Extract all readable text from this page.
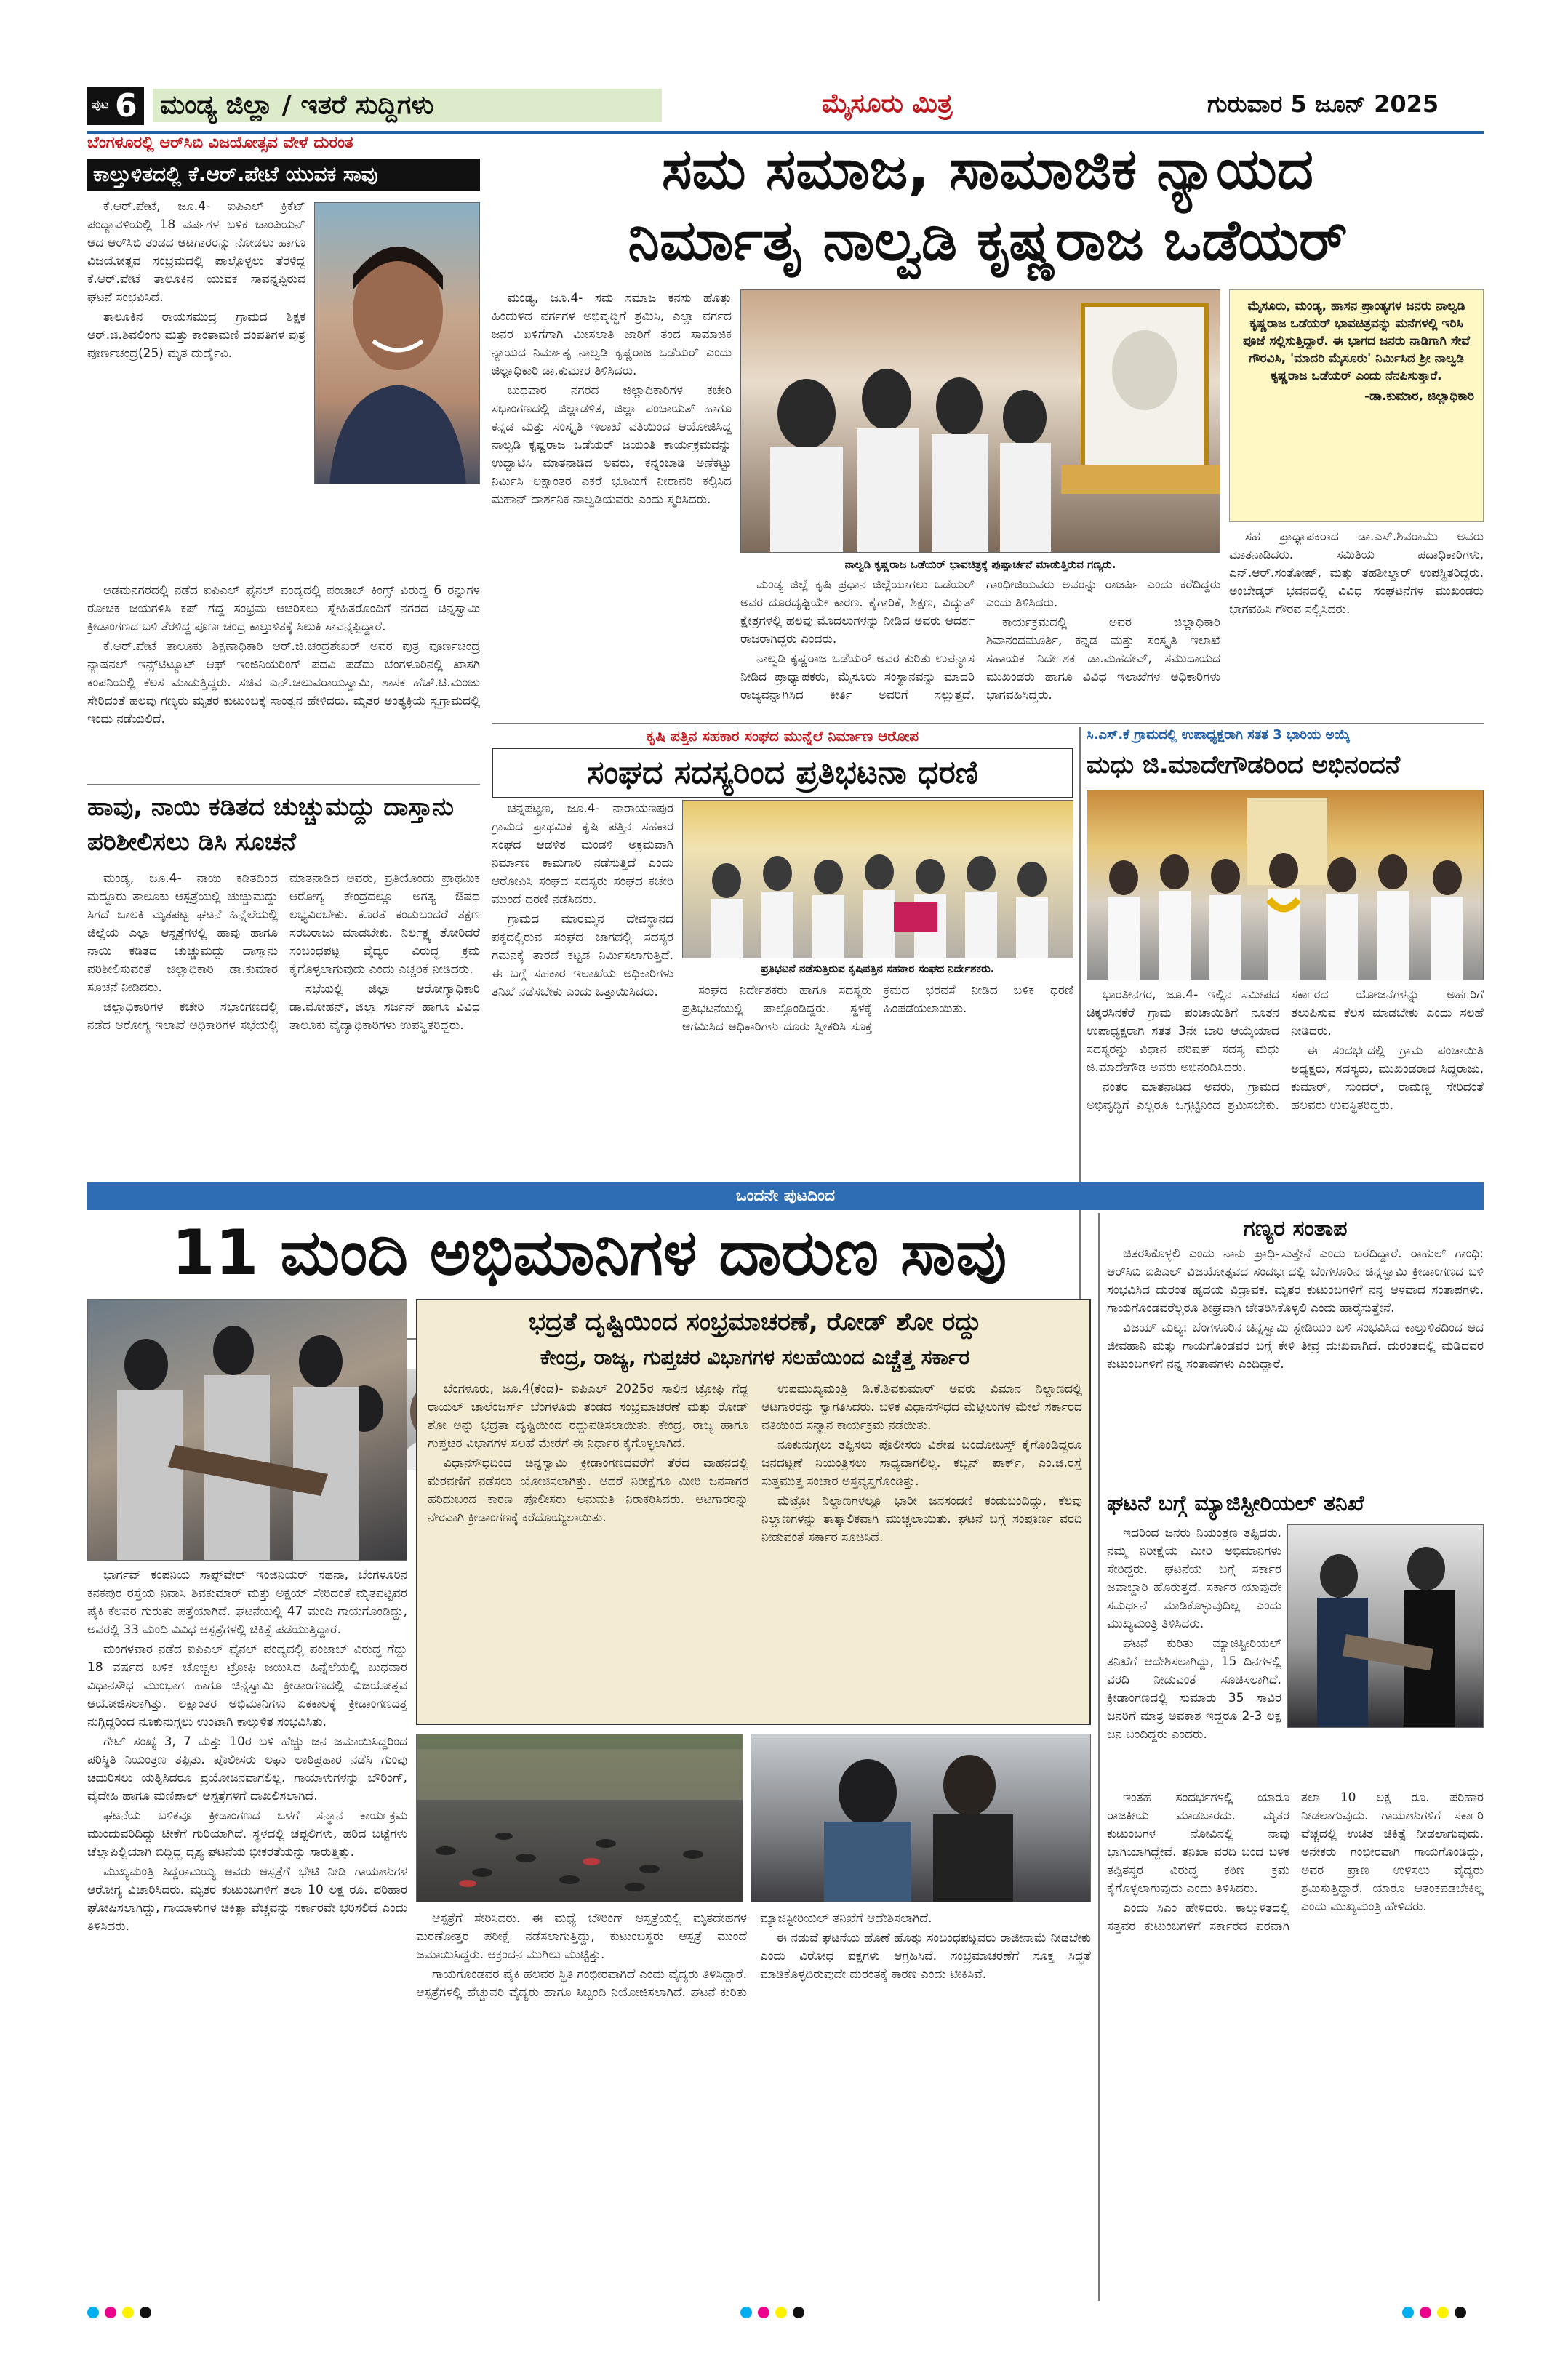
ಪುಟ 6 ಮಂಡ್ಯ ಜಿಲ್ಲಾ / ಇತರೆ ಸುದ್ದಿಗಳು	ಮೈಸೂರು ಮಿತ್ರ	ಗುರುವಾರ 5 ಜೂನ್ 2025
ಬೆಂಗಳೂರಲ್ಲಿ ಆರ್‌ಸಿಬಿ ವಿಜಯೋತ್ಸವ ವೇಳೆ ದುರಂತ
ಕಾಲ್ತುಳಿತದಲ್ಲಿ ಕೆ.ಆರ್.ಪೇಟೆ ಯುವಕ ಸಾವು

ಕೆ.ಆರ್.ಪೇಟೆ, ಜೂ.4- ಐಪಿಎಲ್ ಕ್ರಿಕೆಟ್ ಪಂದ್ಯಾವಳಿಯಲ್ಲಿ 18 ವರ್ಷಗಳ ಬಳಿಕ ಚಾಂಪಿಯನ್ ಆದ ಆರ್‌ಸಿಬಿ ತಂಡದ ಆಟಗಾರರನ್ನು ನೋಡಲು ಹಾಗೂ ವಿಜಯೋತ್ಸವ ಸಂಭ್ರಮದಲ್ಲಿ ಪಾಲ್ಗೊಳ್ಳಲು ತೆರಳಿದ್ದ ಕೆ.ಆರ್.ಪೇಟೆ ತಾಲೂಕಿನ ಯುವಕ ಸಾವನ್ನಪ್ಪಿರುವ ಘಟನೆ ಸಂಭವಿಸಿದೆ.

ತಾಲೂಕಿನ ರಾಯಸಮುದ್ರ ಗ್ರಾಮದ ಶಿಕ್ಷಕ ಆರ್.ಜಿ.ಶಿವಲಿಂಗು ಮತ್ತು ಕಾಂತಾಮಣಿ ದಂಪತಿಗಳ ಪುತ್ರ ಪೂರ್ಣಚಂದ್ರ(25) ಮೃತ ದುರ್ದೈವಿ.

ಆಡಮನಗರದಲ್ಲಿ ನಡೆದ ಐಪಿಎಲ್ ಫೈನಲ್ ಪಂದ್ಯದಲ್ಲಿ ಪಂಜಾಬ್ ಕಿಂಗ್ಸ್ ವಿರುದ್ಧ 6 ರನ್ನುಗಳ ರೋಚಕ ಜಯಗಳಿಸಿ ಕಪ್ ಗೆದ್ದ ಸಂಭ್ರಮ ಆಚರಿಸಲು ಸ್ನೇಹಿತರೊಂದಿಗೆ ನಗರದ ಚಿನ್ನಸ್ವಾಮಿ ಕ್ರೀಡಾಂಗಣದ ಬಳಿ ತೆರಳಿದ್ದ ಪೂರ್ಣಚಂದ್ರ ಕಾಲ್ತುಳಿತಕ್ಕೆ ಸಿಲುಕಿ ಸಾವನ್ನಪ್ಪಿದ್ದಾರೆ.

ಕೆ.ಆರ್.ಪೇಟೆ ತಾಲೂಕು ಶಿಕ್ಷಣಾಧಿಕಾರಿ ಆರ್.ಜಿ.ಚಂದ್ರಶೇಖರ್ ಅವರ ಪುತ್ರ ಪೂರ್ಣಚಂದ್ರ ನ್ಯಾಷನಲ್ ಇನ್ಸ್‌ಟಿಟ್ಯೂಟ್ ಆಫ್ ಇಂಜಿನಿಯರಿಂಗ್ ಪದವಿ ಪಡೆದು ಬೆಂಗಳೂರಿನಲ್ಲಿ ಖಾಸಗಿ ಕಂಪನಿಯಲ್ಲಿ ಕೆಲಸ ಮಾಡುತ್ತಿದ್ದರು. ಸಚಿವ ಎನ್.ಚಲುವರಾಯಸ್ವಾಮಿ, ಶಾಸಕ ಹೆಚ್.ಟಿ.ಮಂಜು ಸೇರಿದಂತೆ ಹಲವು ಗಣ್ಯರು ಮೃತರ ಕುಟುಂಬಕ್ಕೆ ಸಾಂತ್ವನ ಹೇಳಿದರು. ಮೃತರ ಅಂತ್ಯಕ್ರಿಯೆ ಸ್ವಗ್ರಾಮದಲ್ಲಿ ಇಂದು ನಡೆಯಲಿದೆ.

ಹಾವು, ನಾಯಿ ಕಡಿತದ ಚುಚ್ಚುಮದ್ದು ದಾಸ್ತಾನು ಪರಿಶೀಲಿಸಲು ಡಿಸಿ ಸೂಚನೆ

ಮಂಡ್ಯ, ಜೂ.4- ನಾಯಿ ಕಡಿತದಿಂದ ಮದ್ದೂರು ತಾಲೂಕು ಆಸ್ಪತ್ರೆಯಲ್ಲಿ ಚುಚ್ಚುಮದ್ದು ಸಿಗದೆ ಬಾಲಕಿ ಮೃತಪಟ್ಟ ಘಟನೆ ಹಿನ್ನೆಲೆಯಲ್ಲಿ ಜಿಲ್ಲೆಯ ಎಲ್ಲಾ ಆಸ್ಪತ್ರೆಗಳಲ್ಲಿ ಹಾವು ಹಾಗೂ ನಾಯಿ ಕಡಿತದ ಚುಚ್ಚುಮದ್ದು ದಾಸ್ತಾನು ಪರಿಶೀಲಿಸುವಂತೆ ಜಿಲ್ಲಾಧಿಕಾರಿ ಡಾ.ಕುಮಾರ ಸೂಚನೆ ನೀಡಿದರು.

ಜಿಲ್ಲಾಧಿಕಾರಿಗಳ ಕಚೇರಿ ಸಭಾಂಗಣದಲ್ಲಿ ನಡೆದ ಆರೋಗ್ಯ ಇಲಾಖೆ ಅಧಿಕಾರಿಗಳ ಸಭೆಯಲ್ಲಿ ಮಾತನಾಡಿದ ಅವರು, ಪ್ರತಿಯೊಂದು ಪ್ರಾಥಮಿಕ ಆರೋಗ್ಯ ಕೇಂದ್ರದಲ್ಲೂ ಅಗತ್ಯ ಔಷಧ ಲಭ್ಯವಿರಬೇಕು. ಕೊರತೆ ಕಂಡುಬಂದರೆ ತಕ್ಷಣ ಸರಬರಾಜು ಮಾಡಬೇಕು. ನಿರ್ಲಕ್ಷ್ಯ ತೋರಿದರೆ ಸಂಬಂಧಪಟ್ಟ ವೈದ್ಯರ ವಿರುದ್ಧ ಕ್ರಮ ಕೈಗೊಳ್ಳಲಾಗುವುದು ಎಂದು ಎಚ್ಚರಿಕೆ ನೀಡಿದರು.

ಸಭೆಯಲ್ಲಿ ಜಿಲ್ಲಾ ಆರೋಗ್ಯಾಧಿಕಾರಿ ಡಾ.ಮೋಹನ್, ಜಿಲ್ಲಾ ಸರ್ಜನ್ ಹಾಗೂ ವಿವಿಧ ತಾಲೂಕು ವೈದ್ಯಾಧಿಕಾರಿಗಳು ಉಪಸ್ಥಿತರಿದ್ದರು.

ಸಮ ಸಮಾಜ, ಸಾಮಾಜಿಕ ನ್ಯಾಯದ
ನಿರ್ಮಾತೃ ನಾಲ್ವಡಿ ಕೃಷ್ಣರಾಜ ಒಡೆಯರ್

ಮಂಡ್ಯ, ಜೂ.4- ಸಮ ಸಮಾಜ ಕನಸು ಹೊತ್ತು ಹಿಂದುಳಿದ ವರ್ಗಗಳ ಅಭಿವೃದ್ಧಿಗೆ ಶ್ರಮಿಸಿ, ಎಲ್ಲಾ ವರ್ಗದ ಜನರ ಏಳಿಗೆಗಾಗಿ ಮೀಸಲಾತಿ ಜಾರಿಗೆ ತಂದ ಸಾಮಾಜಿಕ ನ್ಯಾಯದ ನಿರ್ಮಾತೃ ನಾಲ್ವಡಿ ಕೃಷ್ಣರಾಜ ಒಡೆಯರ್ ಎಂದು ಜಿಲ್ಲಾಧಿಕಾರಿ ಡಾ.ಕುಮಾರ ತಿಳಿಸಿದರು.

ಬುಧವಾರ ನಗರದ ಜಿಲ್ಲಾಧಿಕಾರಿಗಳ ಕಚೇರಿ ಸಭಾಂಗಣದಲ್ಲಿ ಜಿಲ್ಲಾಡಳಿತ, ಜಿಲ್ಲಾ ಪಂಚಾಯತ್ ಹಾಗೂ ಕನ್ನಡ ಮತ್ತು ಸಂಸ್ಕೃತಿ ಇಲಾಖೆ ವತಿಯಿಂದ ಆಯೋಜಿಸಿದ್ದ ನಾಲ್ವಡಿ ಕೃಷ್ಣರಾಜ ಒಡೆಯರ್ ಜಯಂತಿ ಕಾರ್ಯಕ್ರಮವನ್ನು ಉದ್ಘಾಟಿಸಿ ಮಾತನಾಡಿದ ಅವರು, ಕನ್ನಂಬಾಡಿ ಅಣೆಕಟ್ಟು ನಿರ್ಮಿಸಿ ಲಕ್ಷಾಂತರ ಎಕರೆ ಭೂಮಿಗೆ ನೀರಾವರಿ ಕಲ್ಪಿಸಿದ ಮಹಾನ್ ದಾರ್ಶನಿಕ ನಾಲ್ವಡಿಯವರು ಎಂದು ಸ್ಮರಿಸಿದರು.

ನಾಲ್ವಡಿ ಕೃಷ್ಣರಾಜ ಒಡೆಯರ್ ಭಾವಚಿತ್ರಕ್ಕೆ ಪುಷ್ಪಾರ್ಚನೆ ಮಾಡುತ್ತಿರುವ ಗಣ್ಯರು.
ಮೈಸೂರು, ಮಂಡ್ಯ, ಹಾಸನ ಪ್ರಾಂತ್ಯಗಳ ಜನರು ನಾಲ್ವಡಿ ಕೃಷ್ಣರಾಜ ಒಡೆಯರ್ ಭಾವಚಿತ್ರವನ್ನು ಮನೆಗಳಲ್ಲಿ ಇರಿಸಿ ಪೂಜೆ ಸಲ್ಲಿಸುತ್ತಿದ್ದಾರೆ. ಈ ಭಾಗದ ಜನರು ನಾಡಿಗಾಗಿ ಸೇವೆ ಗೌರವಿಸಿ, 'ಮಾದರಿ ಮೈಸೂರು' ನಿರ್ಮಿಸಿದ ಶ್ರೀ ನಾಲ್ವಡಿ ಕೃಷ್ಣರಾಜ ಒಡೆಯರ್ ಎಂದು ನೆನಪಿಸುತ್ತಾರೆ.
-ಡಾ.ಕುಮಾರ, ಜಿಲ್ಲಾಧಿಕಾರಿ

ಸಹ ಪ್ರಾಧ್ಯಾಪಕರಾದ ಡಾ.ಎಸ್.ಶಿವರಾಮು ಅವರು ಮಾತನಾಡಿದರು. ಸಮಿತಿಯ ಪದಾಧಿಕಾರಿಗಳು, ಎನ್.ಆರ್.ಸಂತೋಷ್, ಮತ್ತು ತಹಶೀಲ್ದಾರ್ ಉಪಸ್ಥಿತರಿದ್ದರು. ಅಂಬೇಡ್ಕರ್ ಭವನದಲ್ಲಿ ವಿವಿಧ ಸಂಘಟನೆಗಳ ಮುಖಂಡರು ಭಾಗವಹಿಸಿ ಗೌರವ ಸಲ್ಲಿಸಿದರು.

ಮಂಡ್ಯ ಜಿಲ್ಲೆ ಕೃಷಿ ಪ್ರಧಾನ ಜಿಲ್ಲೆಯಾಗಲು ಒಡೆಯರ್ ಅವರ ದೂರದೃಷ್ಟಿಯೇ ಕಾರಣ. ಕೈಗಾರಿಕೆ, ಶಿಕ್ಷಣ, ವಿದ್ಯುತ್ ಕ್ಷೇತ್ರಗಳಲ್ಲಿ ಹಲವು ಮೊದಲುಗಳನ್ನು ನೀಡಿದ ಅವರು ಆದರ್ಶ ರಾಜರಾಗಿದ್ದರು ಎಂದರು.

ನಾಲ್ವಡಿ ಕೃಷ್ಣರಾಜ ಒಡೆಯರ್ ಅವರ ಕುರಿತು ಉಪನ್ಯಾಸ ನೀಡಿದ ಪ್ರಾಧ್ಯಾಪಕರು, ಮೈಸೂರು ಸಂಸ್ಥಾನವನ್ನು ಮಾದರಿ ರಾಜ್ಯವನ್ನಾಗಿಸಿದ ಕೀರ್ತಿ ಅವರಿಗೆ ಸಲ್ಲುತ್ತದೆ. ಗಾಂಧೀಜಿಯವರು ಅವರನ್ನು ರಾಜರ್ಷಿ ಎಂದು ಕರೆದಿದ್ದರು ಎಂದು ತಿಳಿಸಿದರು.

ಕಾರ್ಯಕ್ರಮದಲ್ಲಿ ಅಪರ ಜಿಲ್ಲಾಧಿಕಾರಿ ಶಿವಾನಂದಮೂರ್ತಿ, ಕನ್ನಡ ಮತ್ತು ಸಂಸ್ಕೃತಿ ಇಲಾಖೆ ಸಹಾಯಕ ನಿರ್ದೇಶಕ ಡಾ.ಮಹದೇವ್, ಸಮುದಾಯದ ಮುಖಂಡರು ಹಾಗೂ ವಿವಿಧ ಇಲಾಖೆಗಳ ಅಧಿಕಾರಿಗಳು ಭಾಗವಹಿಸಿದ್ದರು.

ಕೃಷಿ ಪತ್ತಿನ ಸಹಕಾರ ಸಂಘದ ಮುನ್ನೆಲೆ ನಿರ್ಮಾಣ ಆರೋಪ
ಸಂಘದ ಸದಸ್ಯರಿಂದ ಪ್ರತಿಭಟನಾ ಧರಣಿ

ಚನ್ನಪಟ್ಟಣ, ಜೂ.4- ನಾರಾಯಣಪುರ ಗ್ರಾಮದ ಪ್ರಾಥಮಿಕ ಕೃಷಿ ಪತ್ತಿನ ಸಹಕಾರ ಸಂಘದ ಆಡಳಿತ ಮಂಡಳಿ ಅಕ್ರಮವಾಗಿ ನಿರ್ಮಾಣ ಕಾಮಗಾರಿ ನಡೆಸುತ್ತಿದೆ ಎಂದು ಆರೋಪಿಸಿ ಸಂಘದ ಸದಸ್ಯರು ಸಂಘದ ಕಚೇರಿ ಮುಂದೆ ಧರಣಿ ನಡೆಸಿದರು.

ಗ್ರಾಮದ ಮಾರಮ್ಮನ ದೇವಸ್ಥಾನದ ಪಕ್ಕದಲ್ಲಿರುವ ಸಂಘದ ಜಾಗದಲ್ಲಿ ಸದಸ್ಯರ ಗಮನಕ್ಕೆ ತಾರದೆ ಕಟ್ಟಡ ನಿರ್ಮಿಸಲಾಗುತ್ತಿದೆ. ಈ ಬಗ್ಗೆ ಸಹಕಾರ ಇಲಾಖೆಯ ಅಧಿಕಾರಿಗಳು ತನಿಖೆ ನಡೆಸಬೇಕು ಎಂದು ಒತ್ತಾಯಿಸಿದರು.

ಪ್ರತಿಭಟನೆ ನಡೆಸುತ್ತಿರುವ ಕೃಷಿಪತ್ತಿನ ಸಹಕಾರ ಸಂಘದ ನಿರ್ದೇಶಕರು.

ಸಂಘದ ನಿರ್ದೇಶಕರು ಹಾಗೂ ಸದಸ್ಯರು ಪ್ರತಿಭಟನೆಯಲ್ಲಿ ಪಾಲ್ಗೊಂಡಿದ್ದರು. ಸ್ಥಳಕ್ಕೆ ಆಗಮಿಸಿದ ಅಧಿಕಾರಿಗಳು ದೂರು ಸ್ವೀಕರಿಸಿ ಸೂಕ್ತ ಕ್ರಮದ ಭರವಸೆ ನೀಡಿದ ಬಳಿಕ ಧರಣಿ ಹಿಂಪಡೆಯಲಾಯಿತು.

ಸಿ.ಎಸ್.ಕೆ ಗ್ರಾಮದಲ್ಲಿ ಉಪಾಧ್ಯಕ್ಷರಾಗಿ ಸತತ 3 ಭಾರಿಯ ಅಯ್ಕೆ
ಮಧು ಜಿ.ಮಾದೇಗೌಡರಿಂದ ಅಭಿನಂದನೆ

ಭಾರತೀನಗರ, ಜೂ.4- ಇಲ್ಲಿನ ಸಮೀಪದ ಚಿಕ್ಕರಸಿನಕೆರೆ ಗ್ರಾಮ ಪಂಚಾಯಿತಿಗೆ ನೂತನ ಉಪಾಧ್ಯಕ್ಷರಾಗಿ ಸತತ 3ನೇ ಬಾರಿ ಆಯ್ಕೆಯಾದ ಸದಸ್ಯರನ್ನು ವಿಧಾನ ಪರಿಷತ್ ಸದಸ್ಯ ಮಧು ಜಿ.ಮಾದೇಗೌಡ ಅವರು ಅಭಿನಂದಿಸಿದರು.

ನಂತರ ಮಾತನಾಡಿದ ಅವರು, ಗ್ರಾಮದ ಅಭಿವೃದ್ಧಿಗೆ ಎಲ್ಲರೂ ಒಗ್ಗಟ್ಟಿನಿಂದ ಶ್ರಮಿಸಬೇಕು. ಸರ್ಕಾರದ ಯೋಜನೆಗಳನ್ನು ಅರ್ಹರಿಗೆ ತಲುಪಿಸುವ ಕೆಲಸ ಮಾಡಬೇಕು ಎಂದು ಸಲಹೆ ನೀಡಿದರು.

ಈ ಸಂದರ್ಭದಲ್ಲಿ ಗ್ರಾಮ ಪಂಚಾಯಿತಿ ಅಧ್ಯಕ್ಷರು, ಸದಸ್ಯರು, ಮುಖಂಡರಾದ ಸಿದ್ದರಾಜು, ಕುಮಾರ್, ಸುಂದರ್, ರಾಮಣ್ಣ ಸೇರಿದಂತೆ ಹಲವರು ಉಪಸ್ಥಿತರಿದ್ದರು.

ಒಂದನೇ ಪುಟದಿಂದ
11 ಮಂದಿ ಅಭಿಮಾನಿಗಳ ದಾರುಣ ಸಾವು

ಭಾರ್ಗವ್ ಕಂಪನಿಯ ಸಾಫ್ಟ್‌ವೇರ್ ಇಂಜಿನಿಯರ್ ಸಹನಾ, ಬೆಂಗಳೂರಿನ ಕನಕಪುರ ರಸ್ತೆಯ ನಿವಾಸಿ ಶಿವಕುಮಾರ್ ಮತ್ತು ಅಕ್ಷಯ್ ಸೇರಿದಂತೆ ಮೃತಪಟ್ಟವರ ಪೈಕಿ ಕೆಲವರ ಗುರುತು ಪತ್ತೆಯಾಗಿದೆ. ಘಟನೆಯಲ್ಲಿ 47 ಮಂದಿ ಗಾಯಗೊಂಡಿದ್ದು, ಅವರಲ್ಲಿ 33 ಮಂದಿ ವಿವಿಧ ಆಸ್ಪತ್ರೆಗಳಲ್ಲಿ ಚಿಕಿತ್ಸೆ ಪಡೆಯುತ್ತಿದ್ದಾರೆ.

ಮಂಗಳವಾರ ನಡೆದ ಐಪಿಎಲ್ ಫೈನಲ್ ಪಂದ್ಯದಲ್ಲಿ ಪಂಜಾಬ್ ವಿರುದ್ಧ ಗೆದ್ದು 18 ವರ್ಷದ ಬಳಿಕ ಚೊಚ್ಚಲ ಟ್ರೋಫಿ ಜಯಿಸಿದ ಹಿನ್ನೆಲೆಯಲ್ಲಿ ಬುಧವಾರ ವಿಧಾನಸೌಧ ಮುಂಭಾಗ ಹಾಗೂ ಚಿನ್ನಸ್ವಾಮಿ ಕ್ರೀಡಾಂಗಣದಲ್ಲಿ ವಿಜಯೋತ್ಸವ ಆಯೋಜಿಸಲಾಗಿತ್ತು. ಲಕ್ಷಾಂತರ ಅಭಿಮಾನಿಗಳು ಏಕಕಾಲಕ್ಕೆ ಕ್ರೀಡಾಂಗಣದತ್ತ ನುಗ್ಗಿದ್ದರಿಂದ ನೂಕುನುಗ್ಗಲು ಉಂಟಾಗಿ ಕಾಲ್ತುಳಿತ ಸಂಭವಿಸಿತು.

ಗೇಟ್ ಸಂಖ್ಯೆ 3, 7 ಮತ್ತು 10ರ ಬಳಿ ಹೆಚ್ಚು ಜನ ಜಮಾಯಿಸಿದ್ದರಿಂದ ಪರಿಸ್ಥಿತಿ ನಿಯಂತ್ರಣ ತಪ್ಪಿತು. ಪೊಲೀಸರು ಲಘು ಲಾಠಿಪ್ರಹಾರ ನಡೆಸಿ ಗುಂಪು ಚದುರಿಸಲು ಯತ್ನಿಸಿದರೂ ಪ್ರಯೋಜನವಾಗಲಿಲ್ಲ. ಗಾಯಾಳುಗಳನ್ನು ಬೌರಿಂಗ್, ವೈದೇಹಿ ಹಾಗೂ ಮಣಿಪಾಲ್ ಆಸ್ಪತ್ರೆಗಳಿಗೆ ದಾಖಲಿಸಲಾಗಿದೆ.

ಘಟನೆಯ ಬಳಿಕವೂ ಕ್ರೀಡಾಂಗಣದ ಒಳಗೆ ಸನ್ಮಾನ ಕಾರ್ಯಕ್ರಮ ಮುಂದುವರಿದಿದ್ದು ಟೀಕೆಗೆ ಗುರಿಯಾಗಿದೆ. ಸ್ಥಳದಲ್ಲಿ ಚಪ್ಪಲಿಗಳು, ಹರಿದ ಬಟ್ಟೆಗಳು ಚೆಲ್ಲಾಪಿಲ್ಲಿಯಾಗಿ ಬಿದ್ದಿದ್ದ ದೃಶ್ಯ ಘಟನೆಯ ಭೀಕರತೆಯನ್ನು ಸಾರುತ್ತಿತ್ತು.

ಮುಖ್ಯಮಂತ್ರಿ ಸಿದ್ದರಾಮಯ್ಯ ಅವರು ಆಸ್ಪತ್ರೆಗೆ ಭೇಟಿ ನೀಡಿ ಗಾಯಾಳುಗಳ ಆರೋಗ್ಯ ವಿಚಾರಿಸಿದರು. ಮೃತರ ಕುಟುಂಬಗಳಿಗೆ ತಲಾ 10 ಲಕ್ಷ ರೂ. ಪರಿಹಾರ ಘೋಷಿಸಲಾಗಿದ್ದು, ಗಾಯಾಳುಗಳ ಚಿಕಿತ್ಸಾ ವೆಚ್ಚವನ್ನು ಸರ್ಕಾರವೇ ಭರಿಸಲಿದೆ ಎಂದು ತಿಳಿಸಿದರು.

ಭದ್ರತೆ ದೃಷ್ಟಿಯಿಂದ ಸಂಭ್ರಮಾಚರಣೆ, ರೋಡ್ ಶೋ ರದ್ದು
ಕೇಂದ್ರ, ರಾಜ್ಯ, ಗುಪ್ತಚರ ವಿಭಾಗಗಳ ಸಲಹೆಯಿಂದ ಎಚ್ಚೆತ್ತ ಸರ್ಕಾರ

ಬೆಂಗಳೂರು, ಜೂ.4(ಕೆಂಡ)- ಐಪಿಎಲ್ 2025ರ ಸಾಲಿನ ಟ್ರೋಫಿ ಗೆದ್ದ ರಾಯಲ್ ಚಾಲೆಂಜರ್ಸ್ ಬೆಂಗಳೂರು ತಂಡದ ಸಂಭ್ರಮಾಚರಣೆ ಮತ್ತು ರೋಡ್ ಶೋ ಅನ್ನು ಭದ್ರತಾ ದೃಷ್ಟಿಯಿಂದ ರದ್ದುಪಡಿಸಲಾಯಿತು. ಕೇಂದ್ರ, ರಾಜ್ಯ ಹಾಗೂ ಗುಪ್ತಚರ ವಿಭಾಗಗಳ ಸಲಹೆ ಮೇರೆಗೆ ಈ ನಿರ್ಧಾರ ಕೈಗೊಳ್ಳಲಾಗಿದೆ.

ವಿಧಾನಸೌಧದಿಂದ ಚಿನ್ನಸ್ವಾಮಿ ಕ್ರೀಡಾಂಗಣದವರೆಗೆ ತೆರೆದ ವಾಹನದಲ್ಲಿ ಮೆರವಣಿಗೆ ನಡೆಸಲು ಯೋಜಿಸಲಾಗಿತ್ತು. ಆದರೆ ನಿರೀಕ್ಷೆಗೂ ಮೀರಿ ಜನಸಾಗರ ಹರಿದುಬಂದ ಕಾರಣ ಪೊಲೀಸರು ಅನುಮತಿ ನಿರಾಕರಿಸಿದರು. ಆಟಗಾರರನ್ನು ನೇರವಾಗಿ ಕ್ರೀಡಾಂಗಣಕ್ಕೆ ಕರೆದೊಯ್ಯಲಾಯಿತು.

ಉಪಮುಖ್ಯಮಂತ್ರಿ ಡಿ.ಕೆ.ಶಿವಕುಮಾರ್ ಅವರು ವಿಮಾನ ನಿಲ್ದಾಣದಲ್ಲಿ ಆಟಗಾರರನ್ನು ಸ್ವಾಗತಿಸಿದರು. ಬಳಿಕ ವಿಧಾನಸೌಧದ ಮೆಟ್ಟಿಲುಗಳ ಮೇಲೆ ಸರ್ಕಾರದ ವತಿಯಿಂದ ಸನ್ಮಾನ ಕಾರ್ಯಕ್ರಮ ನಡೆಯಿತು.

ನೂಕುನುಗ್ಗಲು ತಪ್ಪಿಸಲು ಪೊಲೀಸರು ವಿಶೇಷ ಬಂದೋಬಸ್ತ್ ಕೈಗೊಂಡಿದ್ದರೂ ಜನದಟ್ಟಣೆ ನಿಯಂತ್ರಿಸಲು ಸಾಧ್ಯವಾಗಲಿಲ್ಲ. ಕಬ್ಬನ್ ಪಾರ್ಕ್, ಎಂ.ಜಿ.ರಸ್ತೆ ಸುತ್ತಮುತ್ತ ಸಂಚಾರ ಅಸ್ತವ್ಯಸ್ತಗೊಂಡಿತ್ತು.

ಮೆಟ್ರೋ ನಿಲ್ದಾಣಗಳಲ್ಲೂ ಭಾರೀ ಜನಸಂದಣಿ ಕಂಡುಬಂದಿದ್ದು, ಕೆಲವು ನಿಲ್ದಾಣಗಳನ್ನು ತಾತ್ಕಾಲಿಕವಾಗಿ ಮುಚ್ಚಲಾಯಿತು. ಘಟನೆ ಬಗ್ಗೆ ಸಂಪೂರ್ಣ ವರದಿ ನೀಡುವಂತೆ ಸರ್ಕಾರ ಸೂಚಿಸಿದೆ.

ಆಸ್ಪತ್ರೆಗೆ ಸೇರಿಸಿದರು. ಈ ಮಧ್ಯೆ ಬೌರಿಂಗ್ ಆಸ್ಪತ್ರೆಯಲ್ಲಿ ಮೃತದೇಹಗಳ ಮರಣೋತ್ತರ ಪರೀಕ್ಷೆ ನಡೆಸಲಾಗುತ್ತಿದ್ದು, ಕುಟುಂಬಸ್ಥರು ಆಸ್ಪತ್ರೆ ಮುಂದೆ ಜಮಾಯಿಸಿದ್ದರು. ಆಕ್ರಂದನ ಮುಗಿಲು ಮುಟ್ಟಿತ್ತು.

ಗಾಯಗೊಂಡವರ ಪೈಕಿ ಹಲವರ ಸ್ಥಿತಿ ಗಂಭೀರವಾಗಿದೆ ಎಂದು ವೈದ್ಯರು ತಿಳಿಸಿದ್ದಾರೆ. ಆಸ್ಪತ್ರೆಗಳಲ್ಲಿ ಹೆಚ್ಚುವರಿ ವೈದ್ಯರು ಹಾಗೂ ಸಿಬ್ಬಂದಿ ನಿಯೋಜಿಸಲಾಗಿದೆ. ಘಟನೆ ಕುರಿತು ಮ್ಯಾಜಿಸ್ಟೀರಿಯಲ್ ತನಿಖೆಗೆ ಆದೇಶಿಸಲಾಗಿದೆ.

ಈ ನಡುವೆ ಘಟನೆಯ ಹೊಣೆ ಹೊತ್ತು ಸಂಬಂಧಪಟ್ಟವರು ರಾಜೀನಾಮೆ ನೀಡಬೇಕು ಎಂದು ವಿರೋಧ ಪಕ್ಷಗಳು ಆಗ್ರಹಿಸಿವೆ. ಸಂಭ್ರಮಾಚರಣೆಗೆ ಸೂಕ್ತ ಸಿದ್ಧತೆ ಮಾಡಿಕೊಳ್ಳದಿರುವುದೇ ದುರಂತಕ್ಕೆ ಕಾರಣ ಎಂದು ಟೀಕಿಸಿವೆ.

ಗಣ್ಯರ ಸಂತಾಪ

ಚಿತರಸಿಕೊಳ್ಳಲಿ ಎಂದು ನಾನು ಪ್ರಾರ್ಥಿಸುತ್ತೇನೆ ಎಂದು ಬರೆದಿದ್ದಾರೆ. ರಾಹುಲ್ ಗಾಂಧಿ: ಆರ್‌ಸಿಬಿ ಐಪಿಎಲ್ ವಿಜಯೋತ್ಸವದ ಸಂದರ್ಭದಲ್ಲಿ ಬೆಂಗಳೂರಿನ ಚಿನ್ನಸ್ವಾಮಿ ಕ್ರೀಡಾಂಗಣದ ಬಳಿ ಸಂಭವಿಸಿದ ದುರಂತ ಹೃದಯ ವಿದ್ರಾವಕ. ಮೃತರ ಕುಟುಂಬಗಳಿಗೆ ನನ್ನ ಆಳವಾದ ಸಂತಾಪಗಳು. ಗಾಯಗೊಂಡವರೆಲ್ಲರೂ ಶೀಘ್ರವಾಗಿ ಚೇತರಿಸಿಕೊಳ್ಳಲಿ ಎಂದು ಹಾರೈಸುತ್ತೇನೆ.

ವಿಜಯ್ ಮಲ್ಯ: ಬೆಂಗಳೂರಿನ ಚಿನ್ನಸ್ವಾಮಿ ಸ್ಟೇಡಿಯಂ ಬಳಿ ಸಂಭವಿಸಿದ ಕಾಲ್ತುಳಿತದಿಂದ ಆದ ಜೀವಹಾನಿ ಮತ್ತು ಗಾಯಗೊಂಡವರ ಬಗ್ಗೆ ಕೇಳಿ ತೀವ್ರ ದುಃಖವಾಗಿದೆ. ದುರಂತದಲ್ಲಿ ಮಡಿದವರ ಕುಟುಂಬಗಳಿಗೆ ನನ್ನ ಸಂತಾಪಗಳು ಎಂದಿದ್ದಾರೆ.

ಘಟನೆ ಬಗ್ಗೆ ಮ್ಯಾಜಿಸ್ಟೀರಿಯಲ್ ತನಿಖೆ

ಇದರಿಂದ ಜನರು ನಿಯಂತ್ರಣ ತಪ್ಪಿದರು. ನಮ್ಮ ನಿರೀಕ್ಷೆಯ ಮೀರಿ ಅಭಿಮಾನಿಗಳು ಸೇರಿದ್ದರು. ಘಟನೆಯ ಬಗ್ಗೆ ಸರ್ಕಾರ ಜವಾಬ್ದಾರಿ ಹೊರುತ್ತದೆ. ಸರ್ಕಾರ ಯಾವುದೇ ಸಮರ್ಥನೆ ಮಾಡಿಕೊಳ್ಳುವುದಿಲ್ಲ ಎಂದು ಮುಖ್ಯಮಂತ್ರಿ ತಿಳಿಸಿದರು.

ಘಟನೆ ಕುರಿತು ಮ್ಯಾಜಿಸ್ಟೀರಿಯಲ್ ತನಿಖೆಗೆ ಆದೇಶಿಸಲಾಗಿದ್ದು, 15 ದಿನಗಳಲ್ಲಿ ವರದಿ ನೀಡುವಂತೆ ಸೂಚಿಸಲಾಗಿದೆ. ಕ್ರೀಡಾಂಗಣದಲ್ಲಿ ಸುಮಾರು 35 ಸಾವಿರ ಜನರಿಗೆ ಮಾತ್ರ ಅವಕಾಶ ಇದ್ದರೂ 2-3 ಲಕ್ಷ ಜನ ಬಂದಿದ್ದರು ಎಂದರು.

ಇಂತಹ ಸಂದರ್ಭಗಳಲ್ಲಿ ಯಾರೂ ರಾಜಕೀಯ ಮಾಡಬಾರದು. ಮೃತರ ಕುಟುಂಬಗಳ ನೋವಿನಲ್ಲಿ ನಾವು ಭಾಗಿಯಾಗಿದ್ದೇವೆ. ತನಿಖಾ ವರದಿ ಬಂದ ಬಳಿಕ ತಪ್ಪಿತಸ್ಥರ ವಿರುದ್ಧ ಕಠಿಣ ಕ್ರಮ ಕೈಗೊಳ್ಳಲಾಗುವುದು ಎಂದು ತಿಳಿಸಿದರು.

ಎಂದು ಸಿಎಂ ಹೇಳಿದರು. ಕಾಲ್ತುಳಿತದಲ್ಲಿ ಸತ್ತವರ ಕುಟುಂಬಗಳಿಗೆ ಸರ್ಕಾರದ ಪರವಾಗಿ ತಲಾ 10 ಲಕ್ಷ ರೂ. ಪರಿಹಾರ ನೀಡಲಾಗುವುದು. ಗಾಯಾಳುಗಳಿಗೆ ಸರ್ಕಾರಿ ವೆಚ್ಚದಲ್ಲಿ ಉಚಿತ ಚಿಕಿತ್ಸೆ ನೀಡಲಾಗುವುದು. ಅನೇಕರು ಗಂಭೀರವಾಗಿ ಗಾಯಗೊಂಡಿದ್ದು, ಅವರ ಪ್ರಾಣ ಉಳಿಸಲು ವೈದ್ಯರು ಶ್ರಮಿಸುತ್ತಿದ್ದಾರೆ. ಯಾರೂ ಆತಂಕಪಡಬೇಕಿಲ್ಲ ಎಂದು ಮುಖ್ಯಮಂತ್ರಿ ಹೇಳಿದರು.
